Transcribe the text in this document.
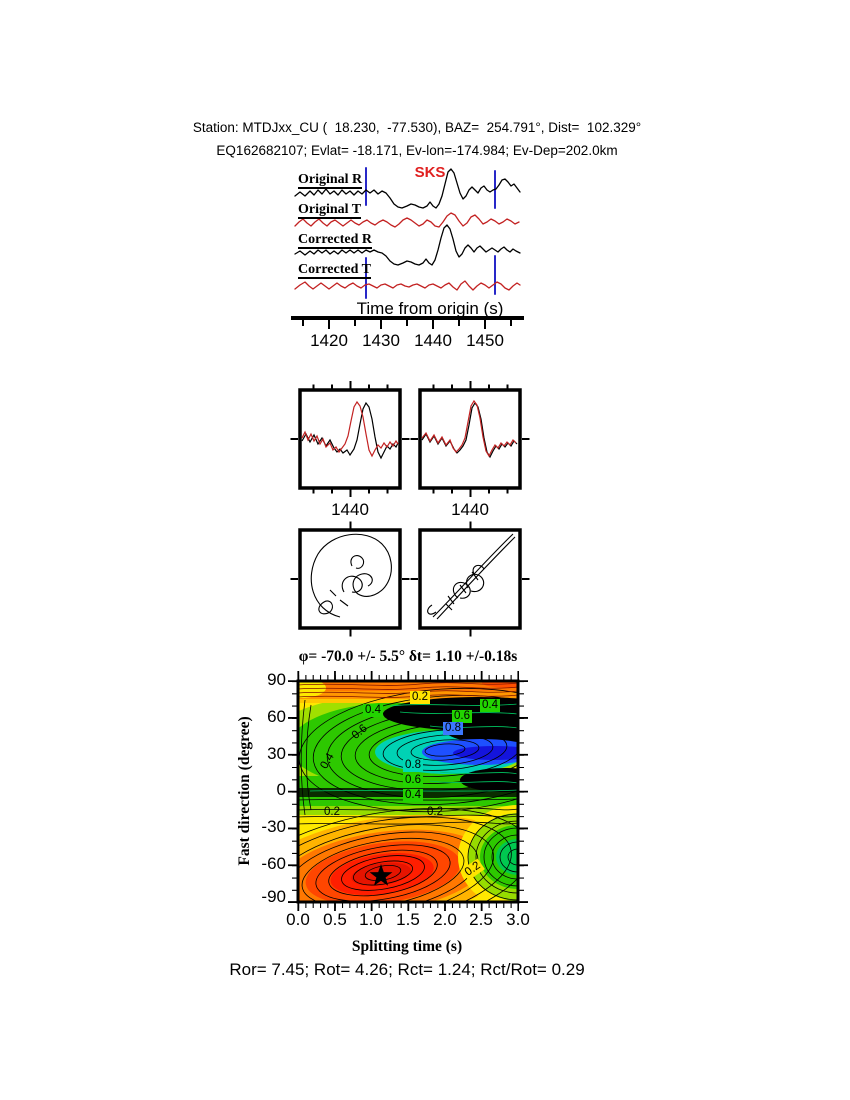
Station: MTDJxx_CU (  18.230,  -77.530), BAZ=  254.791°, Dist=  102.329°
EQ162682107; Evlat= -18.171, Ev-lon=-174.984; Ev-Dep=202.0km
Original R
Original T
Corrected R
Corrected T
SKS
Time from origin (s)
1420 1430 1440 1450
1440	1440
φ= -70.0 +/- 5.5° δt= 1.10 +/-0.18s
Fast direction (degree)
90
60
30
0
-30
-60
-90
0.0 0.5 1.0 1.5 2.0 2.5 3.0
Splitting time (s)
0.2
0.4	0.4
0.6
0.8
0.6
0.4	0.8
0.6
0.4
0.2	0.2
0.2
Ror= 7.45; Rot= 4.26; Rct= 1.24; Rct/Rot= 0.29
